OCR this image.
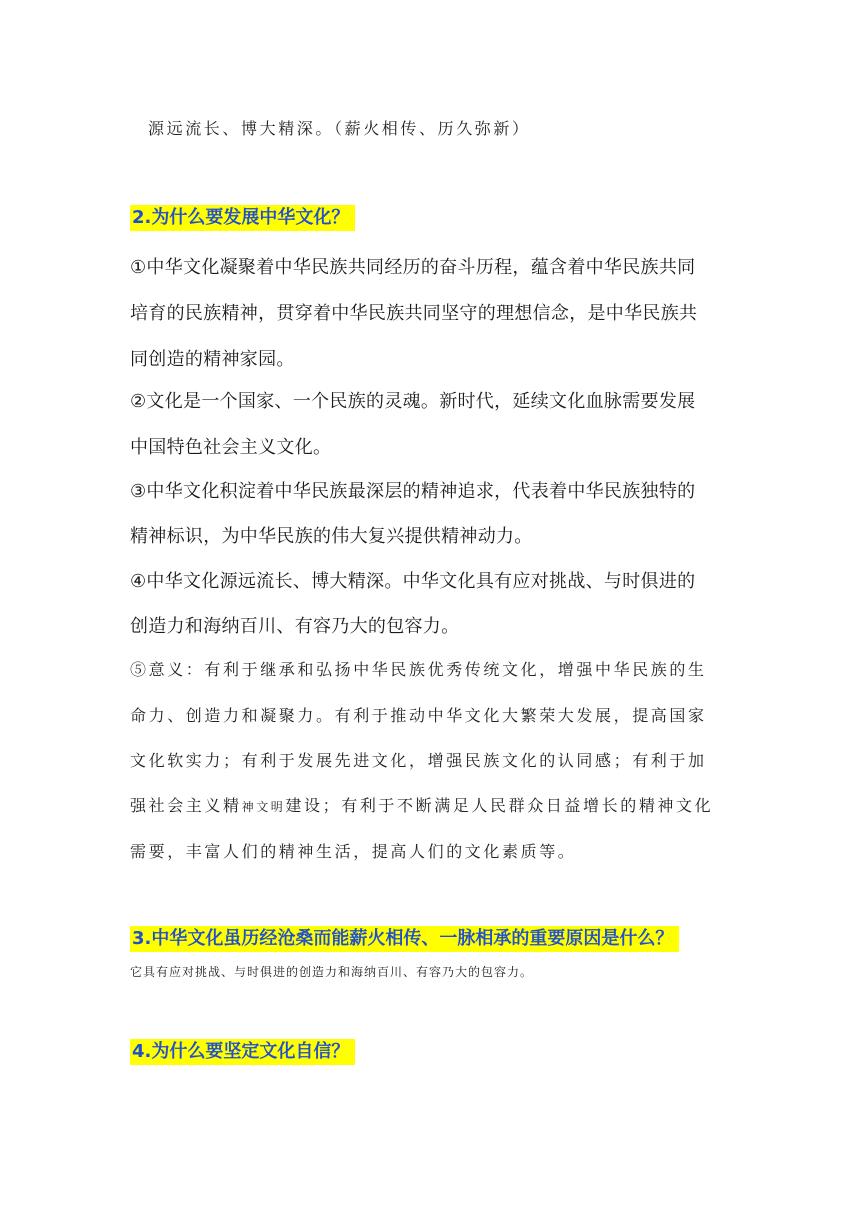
源远流长、博大精深。（薪火相传、历久弥新）
2.为什么要发展中华文化？
①中华文化凝聚着中华民族共同经历的奋斗历程，蕴含着中华民族共同
培育的民族精神，贯穿着中华民族共同坚守的理想信念，是中华民族共
同创造的精神家园。
②文化是一个国家、一个民族的灵魂。新时代，延续文化血脉需要发展
中国特色社会主义文化。
③中华文化积淀着中华民族最深层的精神追求，代表着中华民族独特的
精神标识，为中华民族的伟大复兴提供精神动力。
④中华文化源远流长、博大精深。中华文化具有应对挑战、与时俱进的
创造力和海纳百川、有容乃大的包容力。
⑤意义：有利于继承和弘扬中华民族优秀传统文化，增强中华民族的生
命力、创造力和凝聚力。有利于推动中华文化大繁荣大发展，提高国家
文化软实力；有利于发展先进文化，增强民族文化的认同感；有利于加
强社会主义精神文明建设；有利于不断满足人民群众日益增长的精神文化
需要，丰富人们的精神生活，提高人们的文化素质等。
3.中华文化虽历经沧桑而能薪火相传、一脉相承的重要原因是什么？
它具有应对挑战、与时俱进的创造力和海纳百川、有容乃大的包容力。
4.为什么要坚定文化自信？
